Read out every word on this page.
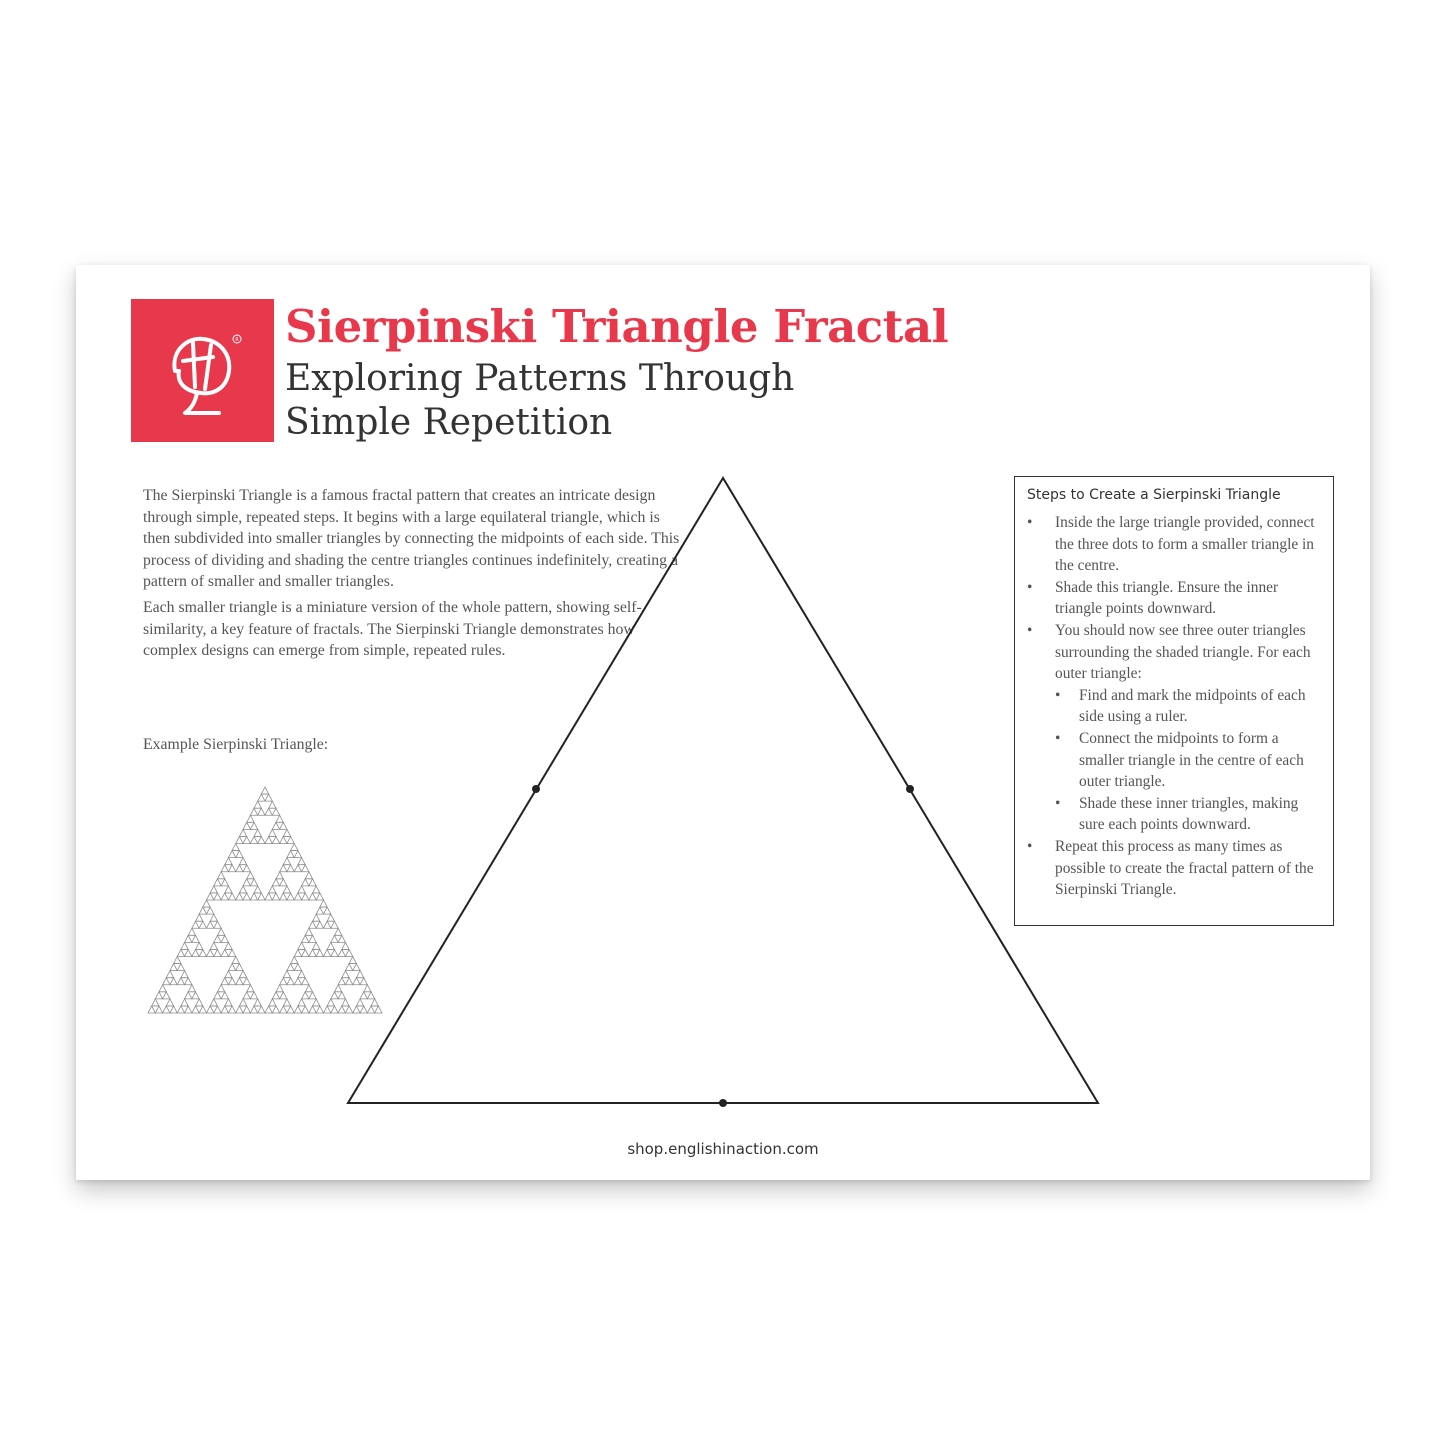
R Sierpinski Triangle Fractal
Exploring Patterns Through
Simple Repetition

The Sierpinski Triangle is a famous fractal pattern that creates an intricate design through simple, repeated steps. It begins with a large equilateral triangle, which is then subdivided into smaller triangles by connecting the midpoints of each side. This process of dividing and shading the centre triangles continues indefinitely, creating a pattern of smaller and smaller triangles.

Each smaller triangle is a miniature version of the whole pattern, showing self-similarity, a key feature of fractals. The Sierpinski Triangle demonstrates how complex designs can emerge from simple, repeated rules.

Example Sierpinski Triangle:
Steps to Create a Sierpinski Triangle
• Inside the large triangle provided, connect the three dots to form a smaller triangle in the centre.
• Shade this triangle. Ensure the inner triangle points downward.
• You should now see three outer triangles surrounding the shaded triangle. For each outer triangle:
• Find and mark the midpoints of each side using a ruler.
• Connect the midpoints to form a smaller triangle in the centre of each outer triangle.
• Shade these inner triangles, making sure each points downward.
• Repeat this process as many times as possible to create the fractal pattern of the Sierpinski Triangle.
shop.englishinaction.com
